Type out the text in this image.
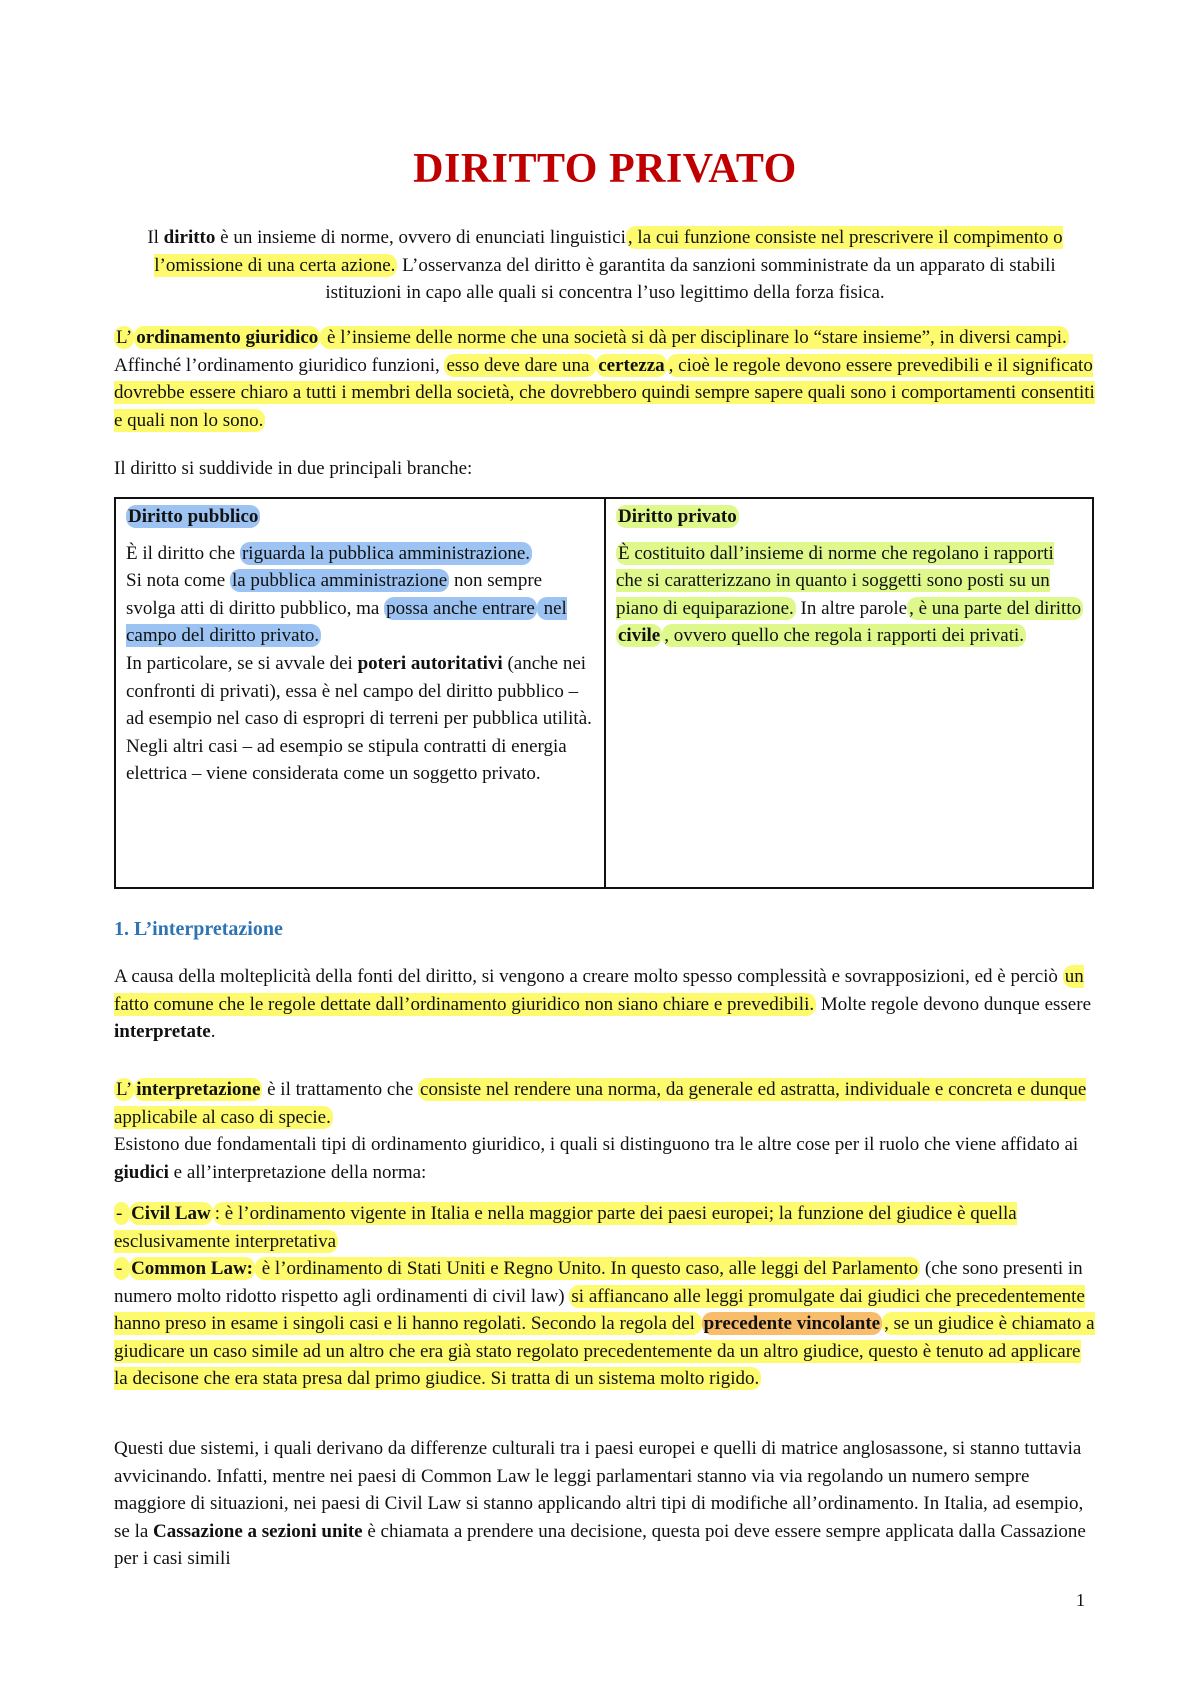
DIRITTO PRIVATO

Il diritto è un insieme di norme, ovvero di enunciati linguistici , la cui funzione consiste nel prescrivere il compimento o l’omissione di una certa azione. L’osservanza del diritto è garantita da sanzioni somministrate da un apparato di stabili istituzioni in capo alle quali si concentra l’uso legittimo della forza fisica.

L’ ordinamento giuridico è l’insieme delle norme che una società si dà per disciplinare lo “stare insieme”, in diversi campi. Affinché l’ordinamento giuridico funzioni, esso deve dare una certezza , cioè le regole devono essere prevedibili e il significato dovrebbe essere chiaro a tutti i membri della società, che dovrebbero quindi sempre sapere quali sono i comportamenti consentiti e quali non lo sono.

Il diritto si suddivide in due principali branche:

Diritto pubblico

È il diritto che riguarda la pubblica amministrazione.
Si nota come la pubblica amministrazione non sempre svolga atti di diritto pubblico, ma possa anche entrare nel campo del diritto privato.
In particolare, se si avvale dei poteri autoritativi (anche nei confronti di privati), essa è nel campo del diritto pubblico – ad esempio nel caso di espropri di terreni per pubblica utilità. Negli altri casi – ad esempio se stipula contratti di energia elettrica – viene considerata come un soggetto privato.

Diritto privato

È costituito dall’insieme di norme che regolano i rapporti che si caratterizzano in quanto i soggetti sono posti su un piano di equiparazione. In altre parole , è una parte del diritto civile , ovvero quello che regola i rapporti dei privati.

1. L’interpretazione

A causa della molteplicità della fonti del diritto, si vengono a creare molto spesso complessità e sovrapposizioni, ed è perciò un fatto comune che le regole dettate dall’ordinamento giuridico non siano chiare e prevedibili. Molte regole devono dunque essere interpretate.

L’ interpretazione è il trattamento che consiste nel rendere una norma, da generale ed astratta, individuale e concreta e dunque applicabile al caso di specie.
Esistono due fondamentali tipi di ordinamento giuridico, i quali si distinguono tra le altre cose per il ruolo che viene affidato ai giudici e all’interpretazione della norma:

- Civil Law : è l’ordinamento vigente in Italia e nella maggior parte dei paesi europei; la funzione del giudice è quella esclusivamente interpretativa
- Common Law: è l’ordinamento di Stati Uniti e Regno Unito. In questo caso, alle leggi del Parlamento (che sono presenti in numero molto ridotto rispetto agli ordinamenti di civil law) si affiancano alle leggi promulgate dai giudici che precedentemente hanno preso in esame i singoli casi e li hanno regolati. Secondo la regola del precedente vincolante , se un giudice è chiamato a giudicare un caso simile ad un altro che era già stato regolato precedentemente da un altro giudice, questo è tenuto ad applicare la decisone che era stata presa dal primo giudice. Si tratta di un sistema molto rigido.

Questi due sistemi, i quali derivano da differenze culturali tra i paesi europei e quelli di matrice anglosassone, si stanno tuttavia avvicinando. Infatti, mentre nei paesi di Common Law le leggi parlamentari stanno via via regolando un numero sempre maggiore di situazioni, nei paesi di Civil Law si stanno applicando altri tipi di modifiche all’ordinamento. In Italia, ad esempio, se la Cassazione a sezioni unite è chiamata a prendere una decisione, questa poi deve essere sempre applicata dalla Cassazione per i casi simili

1
